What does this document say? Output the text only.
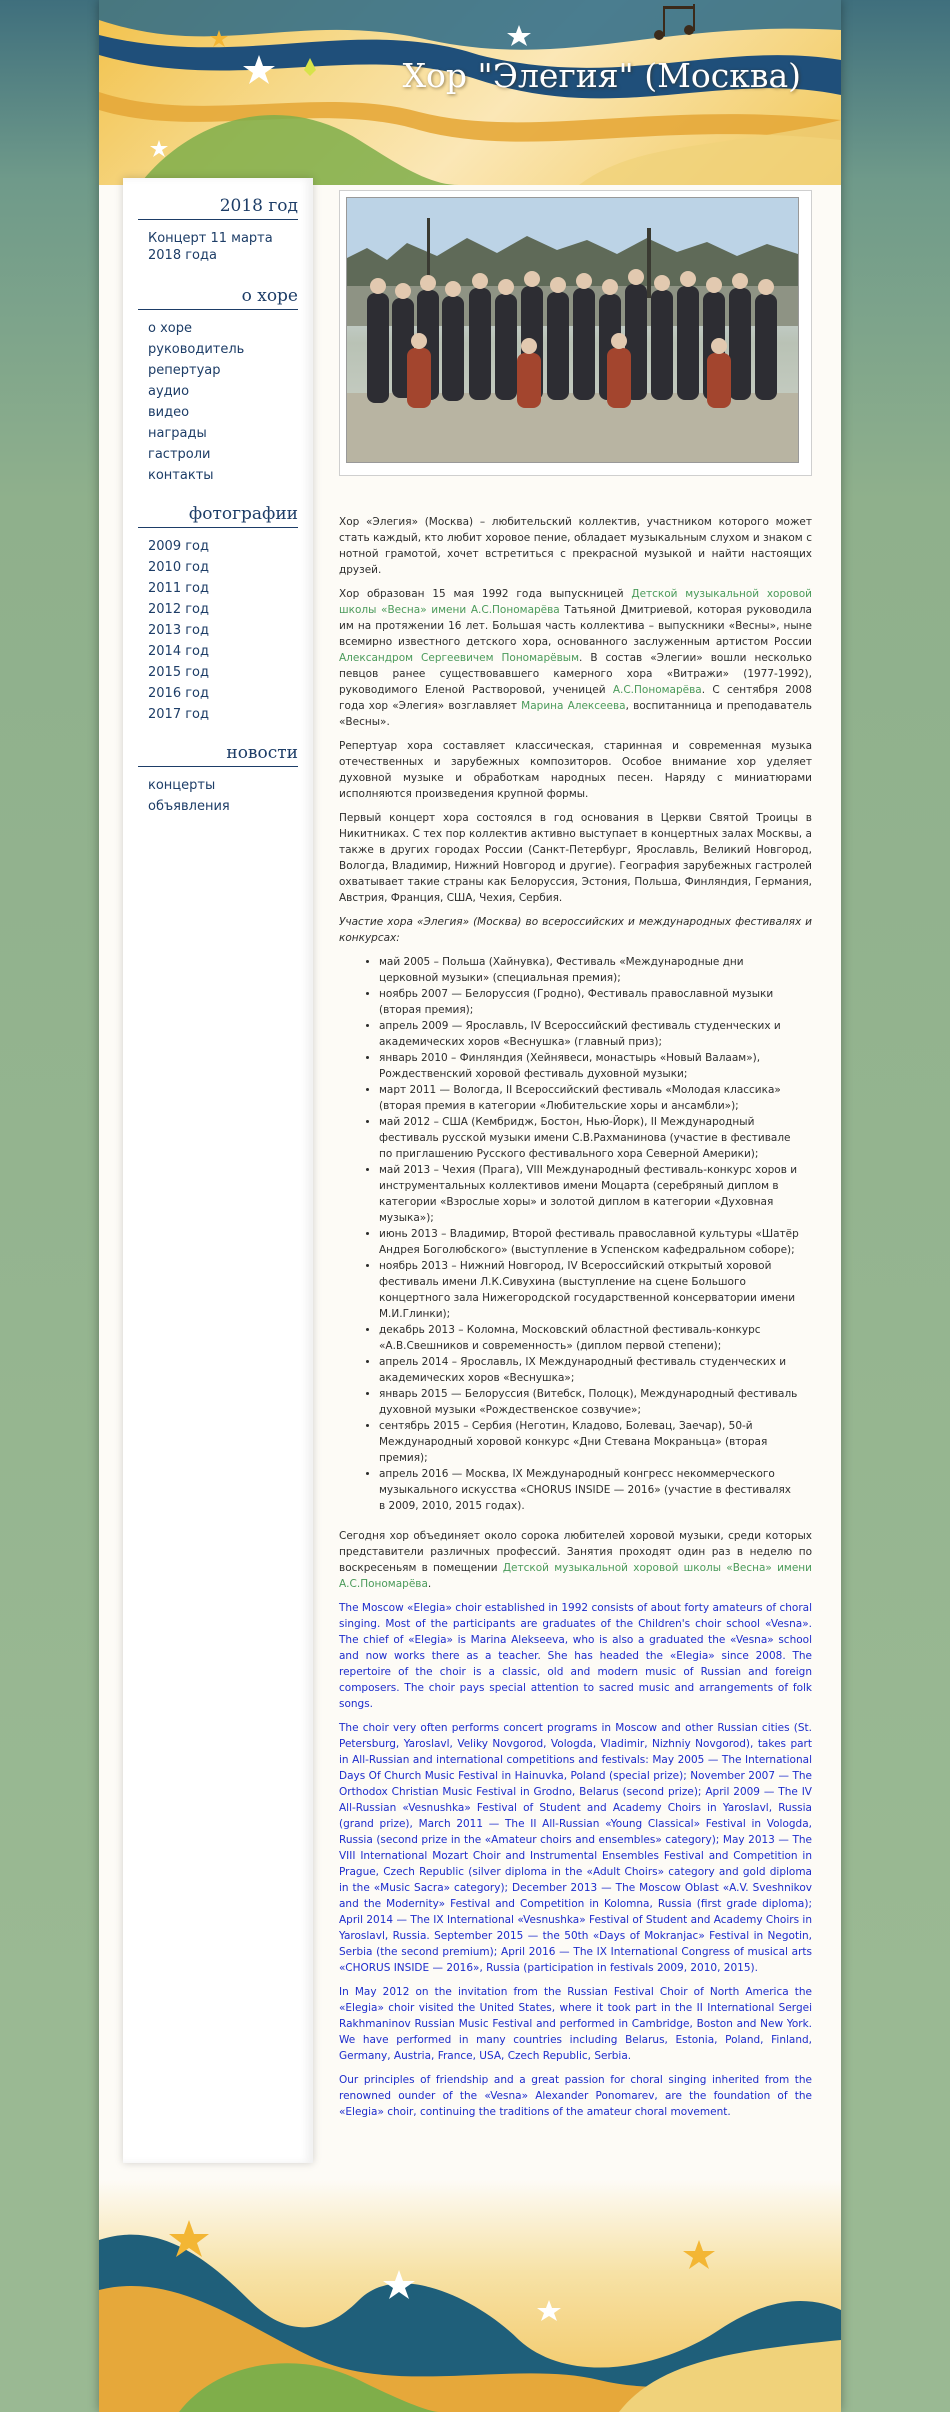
Хор "Элегия" (Москва)
2018 год
Концерт 11 марта 2018 года
о хоре
о хоре
руководитель
репертуар
аудио
видео
награды
гастроли
контакты
фотографии
2009 год
2010 год
2011 год
2012 год
2013 год
2014 год
2015 год
2016 год
2017 год
новости
концерты
объявления

Хор «Элегия» (Москва) – любительский коллектив, участником которого может стать каждый, кто любит хоровое пение, обладает музыкальным слухом и знаком с нотной грамотой, хочет встретиться с прекрасной музыкой и найти настоящих друзей.

Хор образован 15 мая 1992 года выпускницей Детской музыкальной хоровой школы «Весна» имени А.С.Пономарёва Татьяной Дмитриевой, которая руководила им на протяжении 16 лет. Большая часть коллектива – выпускники «Весны», ныне всемирно известного детского хора, основанного заслуженным артистом России Александром Сергеевичем Пономарёвым. В состав «Элегии» вошли несколько певцов ранее существовавшего камерного хора «Витражи» (1977-1992), руководимого Еленой Растворовой, ученицей А.С.Пономарёва. С сентября 2008 года хор «Элегия» возглавляет Марина Алексеева, воспитанница и преподаватель «Весны».

Репертуар хора составляет классическая, старинная и современная музыка отечественных и зарубежных композиторов. Особое внимание хор уделяет духовной музыке и обработкам народных песен. Наряду с миниатюрами исполняются произведения крупной формы.

Первый концерт хора состоялся в год основания в Церкви Святой Троицы в Никитниках. С тех пор коллектив активно выступает в концертных залах Москвы, а также в других городах России (Санкт-Петербург, Ярославль, Великий Новгород, Вологда, Владимир, Нижний Новгород и другие). География зарубежных гастролей охватывает такие страны как Белоруссия, Эстония, Польша, Финляндия, Германия, Австрия, Франция, США, Чехия, Сербия.

Участие хора «Элегия» (Москва) во всероссийских и международных фестивалях и конкурсах:

• май 2005 – Польша (Хайнувка), Фестиваль «Международные дни церковной музыки» (специальная премия);
• ноябрь 2007 — Белоруссия (Гродно), Фестиваль православной музыки (вторая премия);
• апрель 2009 — Ярославль, IV Всероссийский фестиваль студенческих и академических хоров «Веснушка» (главный приз);
• январь 2010 – Финляндия (Хейнявеси, монастырь «Новый Валаам»), Рождественский хоровой фестиваль духовной музыки;
• март 2011 — Вологда, II Всероссийский фестиваль «Молодая классика» (вторая премия в категории «Любительские хоры и ансамбли»);
• май 2012 – США (Кембридж, Бостон, Нью-Йорк), II Международный фестиваль русской музыки имени С.В.Рахманинова (участие в фестивале по приглашению Русского фестивального хора Северной Америки);
• май 2013 – Чехия (Прага), VIII Международный фестиваль-конкурс хоров и инструментальных коллективов имени Моцарта (серебряный диплом в категории «Взрослые хоры» и золотой диплом в категории «Духовная музыка»);
• июнь 2013 – Владимир, Второй фестиваль православной культуры «Шатёр Андрея Боголюбского» (выступление в Успенском кафедральном соборе);
• ноябрь 2013 – Нижний Новгород, IV Всероссийский открытый хоровой фестиваль имени Л.К.Сивухина (выступление на сцене Большого концертного зала Нижегородской государственной консерватории имени М.И.Глинки);
• декабрь 2013 – Коломна, Московский областной фестиваль-конкурс «А.В.Свешников и современность» (диплом первой степени);
• апрель 2014 – Ярославль, IX Международный фестиваль студенческих и академических хоров «Веснушка»;
• январь 2015 — Белоруссия (Витебск, Полоцк), Международный фестиваль духовной музыки «Рождественское созвучие»;
• сентябрь 2015 – Сербия (Неготин, Кладово, Болевац, Заечар), 50-й Международный хоровой конкурс «Дни Стевана Мокраньца» (вторая премия);
• апрель 2016 — Москва, IX Международный конгресс некоммерческого музыкального искусства «CHORUS INSIDE — 2016» (участие в фестивалях в 2009, 2010, 2015 годах).

Сегодня хор объединяет около сорока любителей хоровой музыки, среди которых представители различных профессий. Занятия проходят один раз в неделю по воскресеньям в помещении Детской музыкальной хоровой школы «Весна» имени А.С.Пономарёва.

The Moscow «Elegia» choir established in 1992 consists of about forty amateurs of choral singing. Most of the participants are graduates of the Children's choir school «Vesna». The chief of «Elegia» is Marina Alekseeva, who is also a graduated the «Vesna» school and now works there as a teacher. She has headed the «Elegia» since 2008. The repertoire of the choir is a classic, old and modern music of Russian and foreign composers. The choir pays special attention to sacred music and arrangements of folk songs.

The choir very often performs concert programs in Moscow and other Russian cities (St. Petersburg, Yaroslavl, Veliky Novgorod, Vologda, Vladimir, Nizhniy Novgorod), takes part in All-Russian and international competitions and festivals: May 2005 — The International Days Of Church Music Festival in Hainuvka, Poland (special prize); November 2007 — The Orthodox Christian Music Festival in Grodno, Belarus (second prize); April 2009 — The IV All-Russian «Vesnushka» Festival of Student and Academy Choirs in Yaroslavl, Russia (grand prize), March 2011 — The II All-Russian «Young Classical» Festival in Vologda, Russia (second prize in the «Amateur choirs and ensembles» category); May 2013 — The VIII International Mozart Choir and Instrumental Ensembles Festival and Competition in Prague, Czech Republic (silver diploma in the «Adult Choirs» category and gold diploma in the «Music Sacra» category); December 2013 — The Moscow Oblast «A.V. Sveshnikov and the Modernity» Festival and Competition in Kolomna, Russia (first grade diploma); April 2014 — The IX International «Vesnushka» Festival of Student and Academy Choirs in Yaroslavl, Russia. September 2015 — the 50th «Days of Mokranjac» Festival in Negotin, Serbia (the second premium); April 2016 — The IX International Congress of musical arts «CHORUS INSIDE — 2016», Russia (participation in festivals 2009, 2010, 2015).

In May 2012 on the invitation from the Russian Festival Choir of North America the «Elegia» choir visited the United States, where it took part in the II International Sergei Rakhmaninov Russian Music Festival and performed in Cambridge, Boston and New York. We have performed in many countries including Belarus, Estonia, Poland, Finland, Germany, Austria, France, USA, Czech Republic, Serbia.

Our principles of friendship and a great passion for choral singing inherited from the renowned ounder of the «Vesna» Alexander Ponomarev, are the foundation of the «Elegia» choir, continuing the traditions of the amateur choral movement.
